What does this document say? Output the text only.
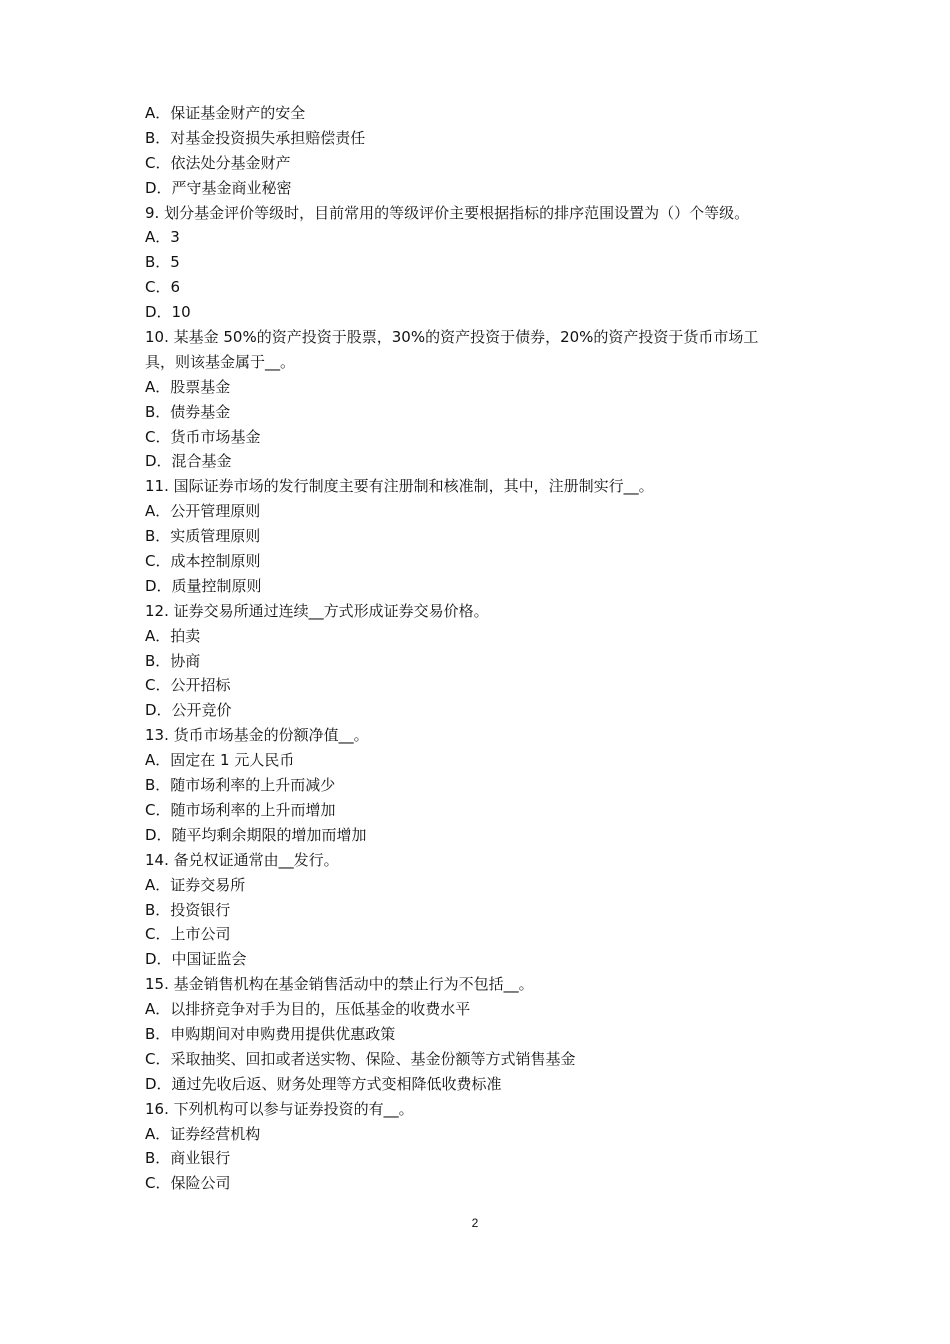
A．保证基金财产的安全
B．对基金投资损失承担赔偿责任
C．依法处分基金财产
D．严守基金商业秘密
9. 划分基金评价等级时，目前常用的等级评价主要根据指标的排序范围设置为（）个等级。
A．3
B．5
C．6
D．10
10. 某基金 50%的资产投资于股票，30%的资产投资于债券，20%的资产投资于货币市场工
具，则该基金属于__。
A．股票基金
B．债券基金
C．货币市场基金
D．混合基金
11. 国际证券市场的发行制度主要有注册制和核准制，其中，注册制实行__。
A．公开管理原则
B．实质管理原则
C．成本控制原则
D．质量控制原则
12. 证券交易所通过连续__方式形成证券交易价格。
A．拍卖
B．协商
C．公开招标
D．公开竞价
13. 货币市场基金的份额净值__。
A．固定在 1 元人民币
B．随市场利率的上升而减少
C．随市场利率的上升而增加
D．随平均剩余期限的增加而增加
14. 备兑权证通常由__发行。
A．证券交易所
B．投资银行
C．上市公司
D．中国证监会
15. 基金销售机构在基金销售活动中的禁止行为不包括__。
A．以排挤竞争对手为目的，压低基金的收费水平
B．申购期间对申购费用提供优惠政策
C．采取抽奖、回扣或者送实物、保险、基金份额等方式销售基金
D．通过先收后返、财务处理等方式变相降低收费标准
16. 下列机构可以参与证券投资的有__。
A．证券经营机构
B．商业银行
C．保险公司
2
